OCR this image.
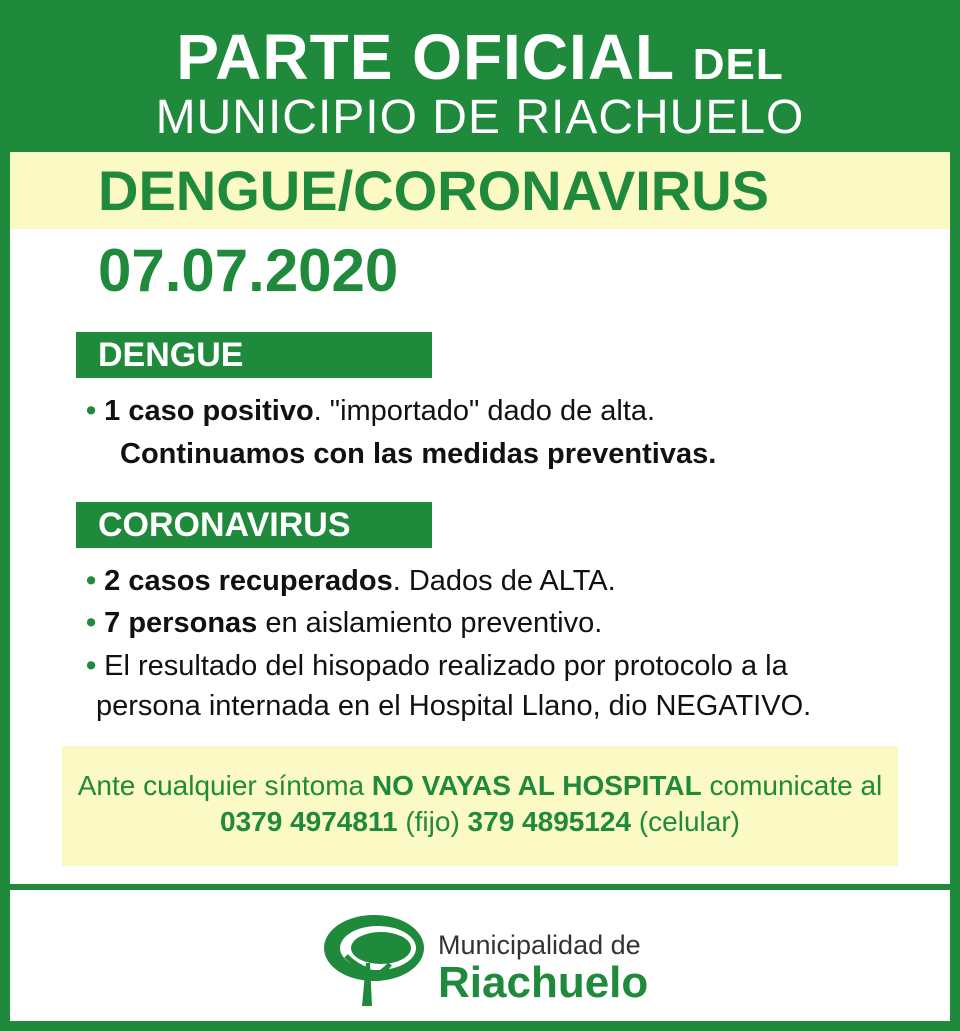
PARTE OFICIAL DEL
MUNICIPIO DE RIACHUELO
DENGUE/CORONAVIRUS
07.07.2020
DENGUE
• 1 caso positivo. "importado" dado de alta.
Continuamos con las medidas preventivas.
CORONAVIRUS
• 2 casos recuperados. Dados de ALTA.
• 7 personas en aislamiento preventivo.
• El resultado del hisopado realizado por protocolo a la
persona internada en el Hospital Llano, dio NEGATIVO.
Ante cualquier síntoma NO VAYAS AL HOSPITAL comunicate al
0379 4974811 (fijo) 379 4895124 (celular)
Municipalidad de
Riachuelo
